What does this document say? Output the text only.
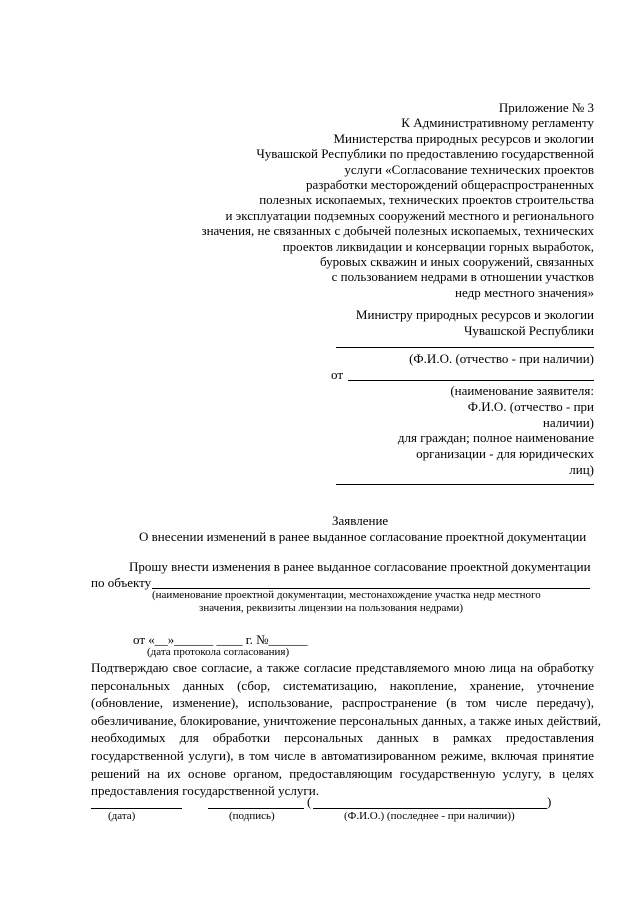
Приложение № 3
К Административному регламенту
Министерства природных ресурсов и экологии
Чувашской Республики по предоставлению государственной
услуги «Согласование технических проектов
разработки месторождений общераспространенных
полезных ископаемых, технических проектов строительства
и эксплуатации подземных сооружений местного и регионального
значения, не связанных с добычей полезных ископаемых, технических
проектов ликвидации и консервации горных выработок,
буровых скважин и иных сооружений, связанных
с пользованием недрами в отношении участков
недр местного значения»
Министру природных ресурсов и экологии
Чувашской Республики
(Ф.И.О. (отчество - при наличии)
от
(наименование заявителя:
Ф.И.О. (отчество - при
наличии)
для граждан; полное наименование
организации - для юридических
лиц)
Заявление
О внесении изменений в ранее выданное согласование проектной документации
Прошу внести изменения в ранее выданное согласование проектной документации
по объекту
(наименование проектной документации, местонахождение участка недр местного
значения, реквизиты лицензии на пользования недрами)
от «__»______ ____ г. №______
(дата протокола согласования)
Подтверждаю свое согласие, а также согласие представляемого мною лица на обработку
персональных данных (сбор, систематизацию, накопление, хранение, уточнение
(обновление, изменение), использование, распространение (в том числе передачу),
обезличивание, блокирование, уничтожение персональных данных, а также иных действий,
необходимых для обработки персональных данных в рамках предоставления
государственной услуги), в том числе в автоматизированном режиме, включая принятие
решений на их основе органом, предоставляющим государственную услугу, в целях
предоставления государственной услуги.
(	)
(дата)	(подпись)	(Ф.И.О.) (последнее - при наличии))
